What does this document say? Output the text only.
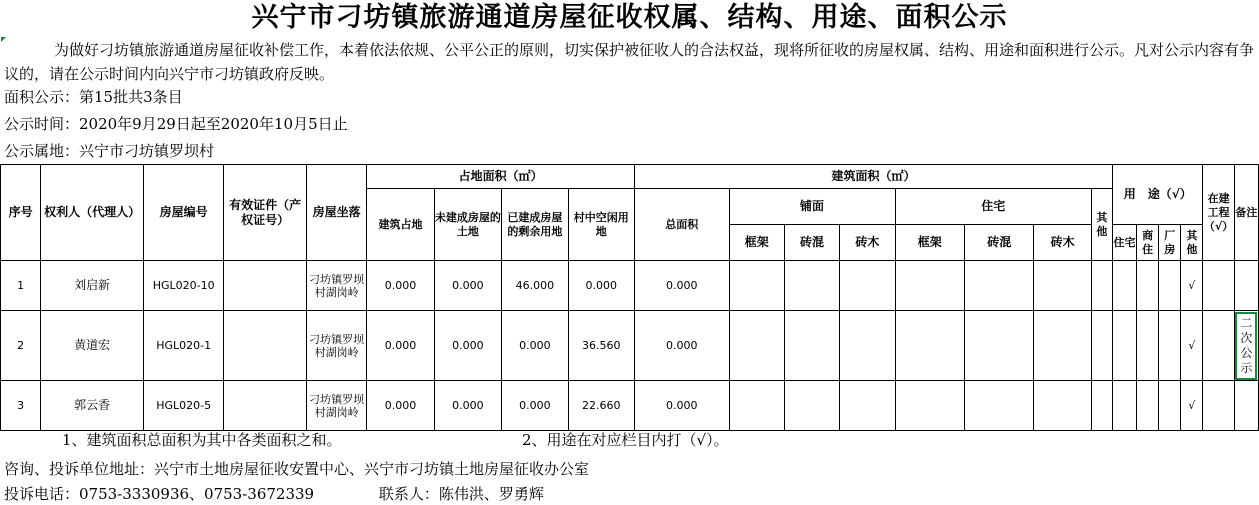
兴宁市刁坊镇旅游通道房屋征收权属、结构、用途、面积公示
为做好刁坊镇旅游通道房屋征收补偿工作，本着依法依规、公平公正的原则，切实保护被征收人的合法权益，现将所征收的房屋权属、结构、用途和面积进行公示。凡对公示内容有争议的，请在公示时间内向兴宁市刁坊镇政府反映。
面积公示：第15批共3条目
公示时间：2020年9月29日起至2020年10月5日止
公示属地：兴宁市刁坊镇罗坝村
序号	权利人（代理人）	房屋编号	有效证件（产权证号）	房屋坐落	占地面积（㎡）				建筑面积（㎡）								用　途（√）				在建工程（√）	备注
					建筑占地	未建成房屋的土地	已建成房屋的剩余用地	村中空闲用地	总面积	铺面			住宅			其他						
										框架	砖混	砖木	框架	砖混	砖木		住宅	商住	厂房	其他		
1	刘启新	HGL020-10		刁坊镇罗坝村湖岗岭	0.000	0.000	46.000	0.000	0.000											√		
2	黄道宏	HGL020-1		刁坊镇罗坝村湖岗岭	0.000	0.000	0.000	36.560	0.000											√		二次公示
3	郭云香	HGL020-5		刁坊镇罗坝村湖岗岭	0.000	0.000	0.000	22.660	0.000											√		
1、建筑面积总面积为其中各类面积之和。	2、用途在对应栏目内打（√）。
咨询、投诉单位地址：兴宁市土地房屋征收安置中心、兴宁市刁坊镇土地房屋征收办公室
投诉电话：0753-3330936、0753-3672339	联系人：陈伟洪、罗勇辉
